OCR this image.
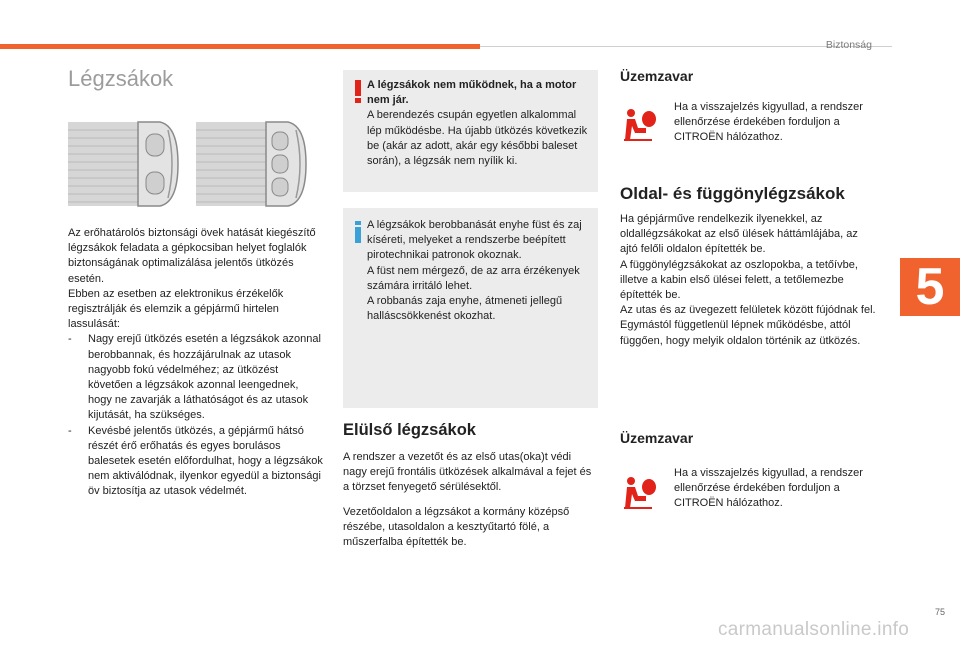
Biztonság
5
Légzsákok
Az erőhatárolós biztonsági övek hatását kiegészítő légzsákok feladata a gépkocsiban helyet foglalók biztonságának optimalizálása jelentős ütközés esetén.
Ebben az esetben az elektronikus érzékelők regisztrálják és elemzik a gépjármű hirtelen lassulását:
- Nagy erejű ütközés esetén a légzsákok azonnal berobbannak, és hozzájárulnak az utasok nagyobb fokú védelméhez; az ütközést követően a légzsákok azonnal leengednek, hogy ne zavarják a láthatóságot és az utasok kijutását, ha szükséges.
- Kevésbé jelentős ütközés, a gépjármű hátsó részét érő erőhatás és egyes borulásos balesetek esetén előfordulhat, hogy a légzsákok nem aktiválódnak, ilyenkor egyedül a biztonsági öv biztosítja az utasok védelmét.
A légzsákok nem működnek, ha a motor nem jár.
A berendezés csupán egyetlen alkalommal lép működésbe. Ha újabb ütközés következik be (akár az adott, akár egy későbbi baleset során), a légzsák nem nyílik ki.
A légzsákok berobbanását enyhe füst és zaj kíséreti, melyeket a rendszerbe beépített pirotechnikai patronok okoznak.
A füst nem mérgező, de az arra érzékenyek számára irritáló lehet.
A robbanás zaja enyhe, átmeneti jellegű halláscsökkenést okozhat.
Elülső légzsákok
A rendszer a vezetőt és az első utas(oka)t védi nagy erejű frontális ütközések alkalmával a fejet és a törzset fenyegető sérülésektől.
Vezetőoldalon a légzsákot a kormány középső részébe, utasoldalon a kesztyűtartó fölé, a műszerfalba építették be.
Üzemzavar
Ha a visszajelzés kigyullad, a rendszer ellenőrzése érdekében forduljon a CITROËN hálózathoz.
Oldal- és függönylégzsákok
Ha gépjárműve rendelkezik ilyenekkel, az oldallégzsákokat az első ülések háttámlájába, az ajtó felőli oldalon építették be.
A függönylégzsákokat az oszlopokba, a tetőívbe, illetve a kabin első ülései felett, a tetőlemezbe építették be.
Az utas és az üvegezett felületek között fújódnak fel.
Egymástól függetlenül lépnek működésbe, attól függően, hogy melyik oldalon történik az ütközés.
Üzemzavar
Ha a visszajelzés kigyullad, a rendszer ellenőrzése érdekében forduljon a CITROËN hálózathoz.
75
carmanualsonline.info
